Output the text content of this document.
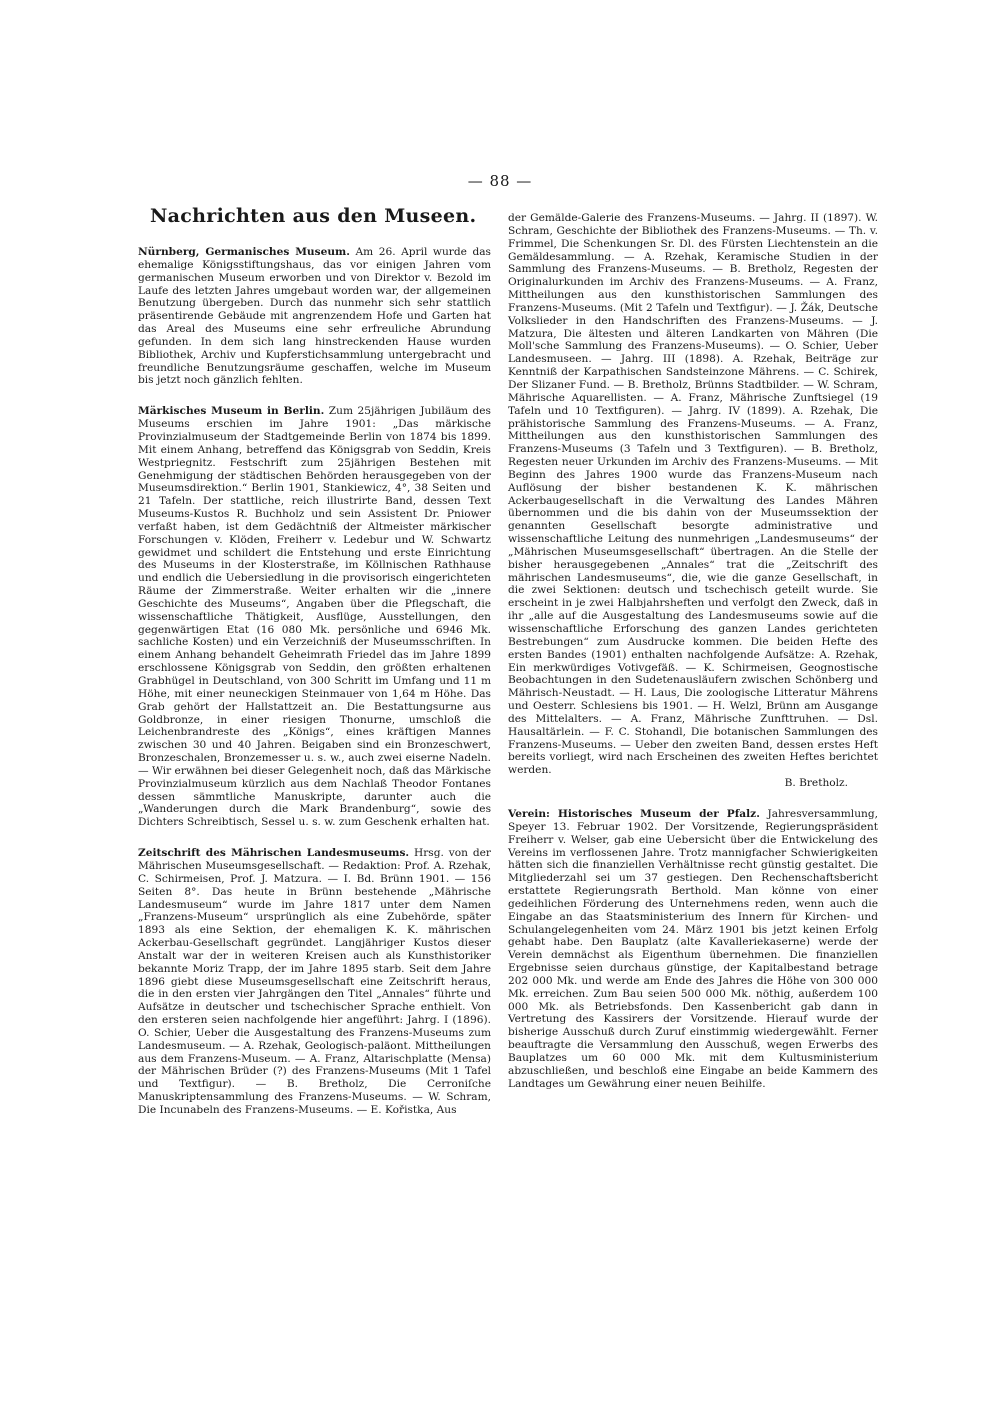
— 88 —
Nachrichten aus den Museen.

Nürnberg, Germanisches Museum. Am 26. April wurde das ehemalige Königsstiftungshaus, das vor einigen Jahren vom germanischen Museum erworben und von Direktor v. Bezold im Laufe des letzten Jahres umgebaut worden war, der allgemeinen Benutzung übergeben. Durch das nunmehr sich sehr stattlich präsentirende Gebäude mit angrenzendem Hofe und Garten hat das Areal des Museums eine sehr erfreuliche Abrundung gefunden. In dem sich lang hinstreckenden Hause wurden Bibliothek, Archiv und Kupferstichsammlung untergebracht und freundliche Benutzungsräume geschaffen, welche im Museum bis jetzt noch gänzlich fehlten.

Märkisches Museum in Berlin. Zum 25jährigen Jubiläum des Museums erschien im Jahre 1901: „Das märkische Provinzialmuseum der Stadtgemeinde Berlin von 1874 bis 1899. Mit einem Anhang, betreffend das Königsgrab von Seddin, Kreis Westpriegnitz. Festschrift zum 25jährigen Bestehen mit Genehmigung der städtischen Behörden herausgegeben von der Museumsdirektion.“ Berlin 1901, Stankiewicz, 4°, 38 Seiten und 21 Tafeln. Der stattliche, reich illustrirte Band, dessen Text Museums-Kustos R. Buchholz und sein Assistent Dr. Pniower verfaßt haben, ist dem Gedächtniß der Altmeister märkischer Forschungen v. Klöden, Freiherr v. Ledebur und W. Schwartz gewidmet und schildert die Entstehung und erste Einrichtung des Museums in der Klosterstraße, im Köllnischen Rathhause und endlich die Uebersiedlung in die provisorisch eingerichteten Räume der Zimmerstraße. Weiter erhalten wir die „innere Geschichte des Museums“, Angaben über die Pflegschaft, die wissenschaftliche Thätigkeit, Ausflüge, Ausstellungen, den gegenwärtigen Etat (16 080 Mk. persönliche und 6946 Mk. sachliche Kosten) und ein Verzeichniß der Museumsschriften. In einem Anhang behandelt Geheimrath Friedel das im Jahre 1899 erschlossene Königsgrab von Seddin, den größten erhaltenen Grabhügel in Deutschland, von 300 Schritt im Umfang und 11 m Höhe, mit einer neuneckigen Steinmauer von 1,64 m Höhe. Das Grab gehört der Hallstattzeit an. Die Bestattungsurne aus Goldbronze, in einer riesigen Thonurne, umschloß die Leichenbrandreste des „Königs“, eines kräftigen Mannes zwischen 30 und 40 Jahren. Beigaben sind ein Bronzeschwert, Bronzeschalen, Bronzemesser u. s. w., auch zwei eiserne Nadeln. — Wir erwähnen bei dieser Gelegenheit noch, daß das Märkische Provinzialmuseum kürzlich aus dem Nachlaß Theodor Fontanes dessen sämmtliche Manuskripte, darunter auch die „Wanderungen durch die Mark Brandenburg“, sowie des Dichters Schreibtisch, Sessel u. s. w. zum Geschenk erhalten hat.

Zeitschrift des Mährischen Landesmuseums. Hrsg. von der Mährischen Museumsgesellschaft. — Redaktion: Prof. A. Rzehak, C. Schirmeisen, Prof. J. Matzura. — I. Bd. Brünn 1901. — 156 Seiten 8°. Das heute in Brünn bestehende „Mährische Landesmuseum“ wurde im Jahre 1817 unter dem Namen „Franzens-Museum“ ursprünglich als eine Zubehörde, später 1893 als eine Sektion, der ehemaligen K. K. mährischen Ackerbau-Gesellschaft gegründet. Langjähriger Kustos dieser Anstalt war der in weiteren Kreisen auch als Kunsthistoriker bekannte Moriz Trapp, der im Jahre 1895 starb. Seit dem Jahre 1896 giebt diese Museumsgesellschaft eine Zeitschrift heraus, die in den ersten vier Jahrgängen den Titel „Annales“ führte und Aufsätze in deutscher und tschechischer Sprache enthielt. Von den ersteren seien nachfolgende hier angeführt: Jahrg. I (1896). O. Schier, Ueber die Ausgestaltung des Franzens-Museums zum Landesmuseum. — A. Rzehak, Geologisch-paläont. Mittheilungen aus dem Franzens-Museum. — A. Franz, Altarischplatte (Mensa) der Mährischen Brüder (?) des Franzens-Museums (Mit 1 Tafel und Textfigur). — B. Bretholz, Die Cerroniſche Manuskriptensammlung des Franzens-Museums. — W. Schram, Die Incunabeln des Franzens-Museums. — E. Kořistka, Aus

der Gemälde-Galerie des Franzens-Museums. — Jahrg. II (1897). W. Schram, Geschichte der Bibliothek des Franzens-Museums. — Th. v. Frimmel, Die Schenkungen Sr. Dl. des Fürsten Liechtenstein an die Gemäldesammlung. — A. Rzehak, Keramische Studien in der Sammlung des Franzens-Museums. — B. Bretholz, Regesten der Originalurkunden im Archiv des Franzens-Museums. — A. Franz, Mittheilungen aus den kunsthistorischen Sammlungen des Franzens-Museums. (Mit 2 Tafeln und Textfigur). — J. Žák, Deutsche Volkslieder in den Handschriften des Franzens-Museums. — J. Matzura, Die ältesten und älteren Landkarten von Mähren (Die Moll'sche Sammlung des Franzens-Museums). — O. Schier, Ueber Landesmuseen. — Jahrg. III (1898). A. Rzehak, Beiträge zur Kenntniß der Karpathischen Sandsteinzone Mährens. — C. Schirek, Der Slizaner Fund. — B. Bretholz, Brünns Stadtbilder. — W. Schram, Mährische Aquarellisten. — A. Franz, Mährische Zunftsiegel (19 Tafeln und 10 Textfiguren). — Jahrg. IV (1899). A. Rzehak, Die prähistorische Sammlung des Franzens-Museums. — A. Franz, Mittheilungen aus den kunsthistorischen Sammlungen des Franzens-Museums (3 Tafeln und 3 Textfiguren). — B. Bretholz, Regesten neuer Urkunden im Archiv des Franzens-Museums. — Mit Beginn des Jahres 1900 wurde das Franzens-Museum nach Auflösung der bisher bestandenen K. K. mährischen Ackerbaugesellschaft in die Verwaltung des Landes Mähren übernommen und die bis dahin von der Museumssektion der genannten Gesellschaft besorgte administrative und wissenschaftliche Leitung des nunmehrigen „Landesmuseums“ der „Mährischen Museumsgesellschaft“ übertragen. An die Stelle der bisher herausgegebenen „Annales“ trat die „Zeitschrift des mährischen Landesmuseums“, die, wie die ganze Gesellschaft, in die zwei Sektionen: deutsch und tschechisch geteilt wurde. Sie erscheint in je zwei Halbjahrsheften und verfolgt den Zweck, daß in ihr „alle auf die Ausgestaltung des Landesmuseums sowie auf die wissenschaftliche Erforschung des ganzen Landes gerichteten Bestrebungen“ zum Ausdrucke kommen. Die beiden Hefte des ersten Bandes (1901) enthalten nachfolgende Aufsätze: A. Rzehak, Ein merkwürdiges Votivgefäß. — K. Schirmeisen, Geognostische Beobachtungen in den Sudetenausläufern zwischen Schönberg und Mährisch-Neustadt. — H. Laus, Die zoologische Litteratur Mährens und Oesterr. Schlesiens bis 1901. — H. Welzl, Brünn am Ausgange des Mittelalters. — A. Franz, Mährische Zunfttruhen. — Dsl. Hausaltärlein. — F. C. Stohandl, Die botanischen Sammlungen des Franzens-Museums. — Ueber den zweiten Band, dessen erstes Heft bereits vorliegt, wird nach Erscheinen des zweiten Heftes berichtet werden.

B. Bretholz.

Verein: Historisches Museum der Pfalz. Jahresversammlung, Speyer 13. Februar 1902. Der Vorsitzende, Regierungspräsident Freiherr v. Welser, gab eine Uebersicht über die Entwickelung des Vereins im verflossenen Jahre. Trotz mannigfacher Schwierigkeiten hätten sich die finanziellen Verhältnisse recht günstig gestaltet. Die Mitgliederzahl sei um 37 gestiegen. Den Rechenschaftsbericht erstattete Regierungsrath Berthold. Man könne von einer gedeihlichen Förderung des Unternehmens reden, wenn auch die Eingabe an das Staatsministerium des Innern für Kirchen- und Schulangelegenheiten vom 24. März 1901 bis jetzt keinen Erfolg gehabt habe. Den Bauplatz (alte Kavalleriekaserne) werde der Verein demnächst als Eigenthum übernehmen. Die finanziellen Ergebnisse seien durchaus günstige, der Kapitalbestand betrage 202 000 Mk. und werde am Ende des Jahres die Höhe von 300 000 Mk. erreichen. Zum Bau seien 500 000 Mk. nöthig, außerdem 100 000 Mk. als Betriebsfonds. Den Kassenbericht gab dann in Vertretung des Kassirers der Vorsitzende. Hierauf wurde der bisherige Ausschuß durch Zuruf einstimmig wiedergewählt. Ferner beauftragte die Versammlung den Ausschuß, wegen Erwerbs des Bauplatzes um 60 000 Mk. mit dem Kultusministerium abzuschließen, und beschloß eine Eingabe an beide Kammern des Landtages um Gewährung einer neuen Beihilfe.
